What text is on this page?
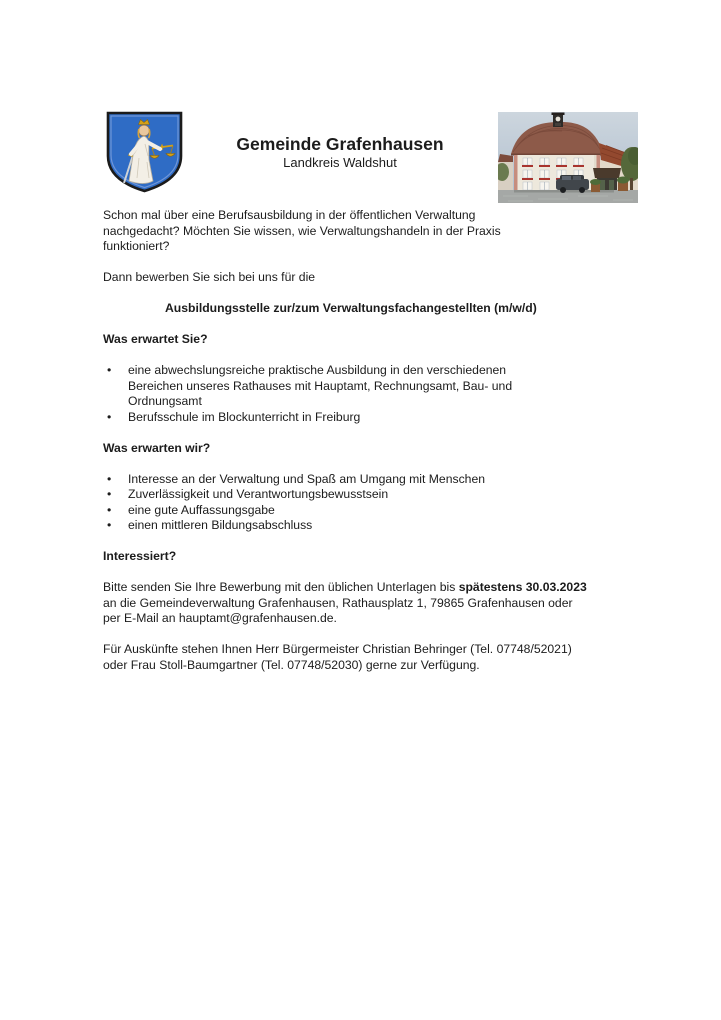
Gemeinde Grafenhausen
Landkreis Waldshut

Schon mal über eine Berufsausbildung in der öffentlichen Verwaltung
nachgedacht? Möchten Sie wissen, wie Verwaltungshandeln in der Praxis
funktioniert?

Dann bewerben Sie sich bei uns für die

Ausbildungsstelle zur/zum Verwaltungsfachangestellten (m/w/d)

Was erwartet Sie?
• eine abwechslungsreiche praktische Ausbildung in den verschiedenen
Bereichen unseres Rathauses mit Hauptamt, Rechnungsamt, Bau- und
Ordnungsamt
• Berufsschule im Blockunterricht in Freiburg
Was erwarten wir?
• Interesse an der Verwaltung und Spaß am Umgang mit Menschen
• Zuverlässigkeit und Verantwortungsbewusstsein
• eine gute Auffassungsgabe
• einen mittleren Bildungsabschluss
Interessiert?

Bitte senden Sie Ihre Bewerbung mit den üblichen Unterlagen bis spätestens 30.03.2023
an die Gemeindeverwaltung Grafenhausen, Rathausplatz 1, 79865 Grafenhausen oder
per E-Mail an hauptamt@grafenhausen.de.

Für Auskünfte stehen Ihnen Herr Bürgermeister Christian Behringer (Tel. 07748/52021)
oder Frau Stoll-Baumgartner (Tel. 07748/52030) gerne zur Verfügung.
